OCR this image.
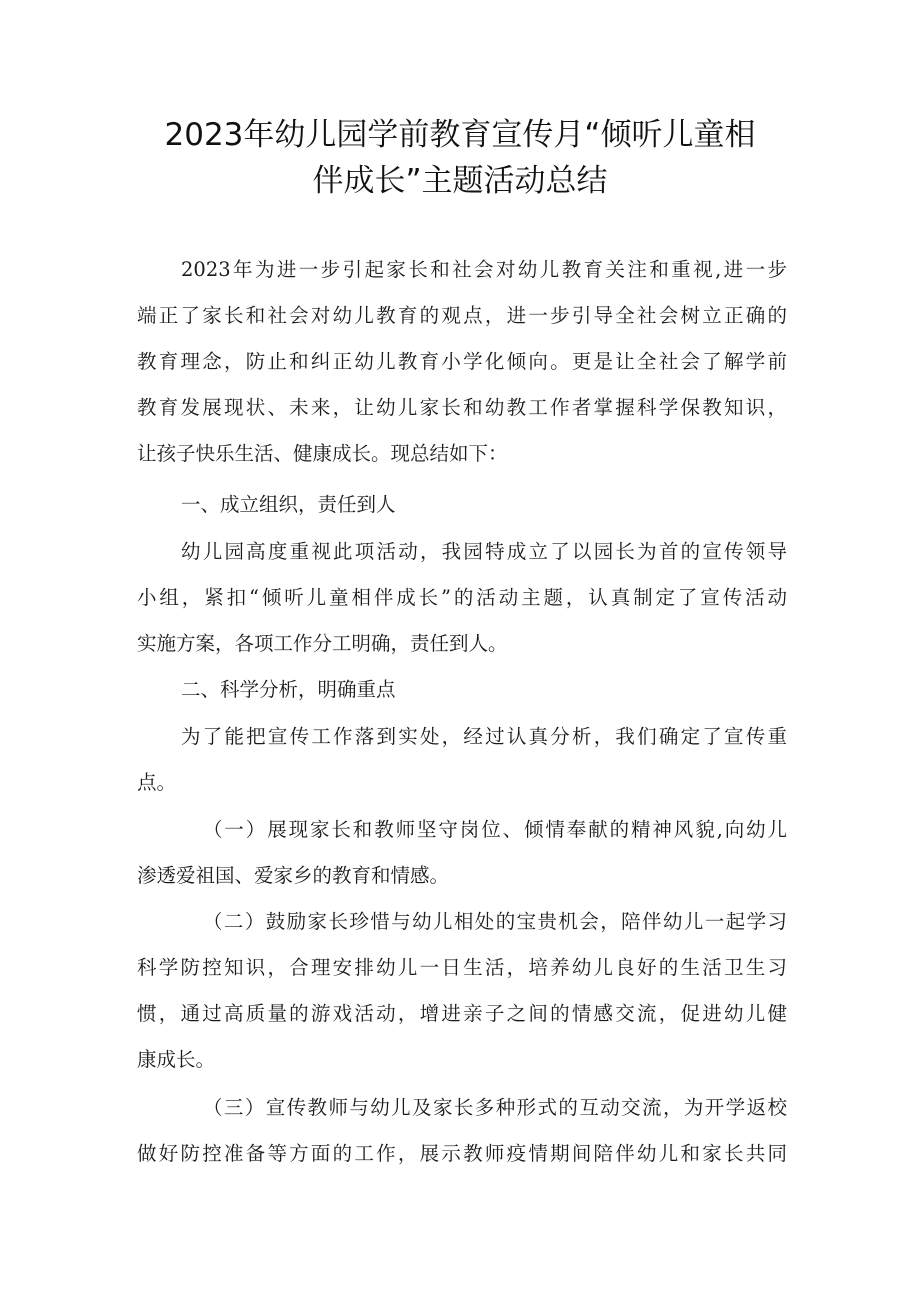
2023年幼儿园学前教育宣传月“倾听儿童相
伴成长”主题活动总结
2023年为进一步引起家长和社会对幼儿教育关注和重视,进一步
端正了家长和社会对幼儿教育的观点，进一步引导全社会树立正确的
教育理念，防止和纠正幼儿教育小学化倾向。更是让全社会了解学前
教育发展现状、未来，让幼儿家长和幼教工作者掌握科学保教知识，
让孩子快乐生活、健康成长。现总结如下：
一、成立组织，责任到人
幼儿园高度重视此项活动，我园特成立了以园长为首的宣传领导
小组，紧扣“倾听儿童相伴成长”的活动主题，认真制定了宣传活动
实施方案，各项工作分工明确，责任到人。
二、科学分析，明确重点
为了能把宣传工作落到实处，经过认真分析，我们确定了宣传重
点。
（一）展现家长和教师坚守岗位、倾情奉献的精神风貌,向幼儿
渗透爱祖国、爱家乡的教育和情感。
（二）鼓励家长珍惜与幼儿相处的宝贵机会，陪伴幼儿一起学习
科学防控知识，合理安排幼儿一日生活，培养幼儿良好的生活卫生习
惯，通过高质量的游戏活动，增进亲子之间的情感交流，促进幼儿健
康成长。
（三）宣传教师与幼儿及家长多种形式的互动交流，为开学返校
做好防控准备等方面的工作，展示教师疫情期间陪伴幼儿和家长共同
